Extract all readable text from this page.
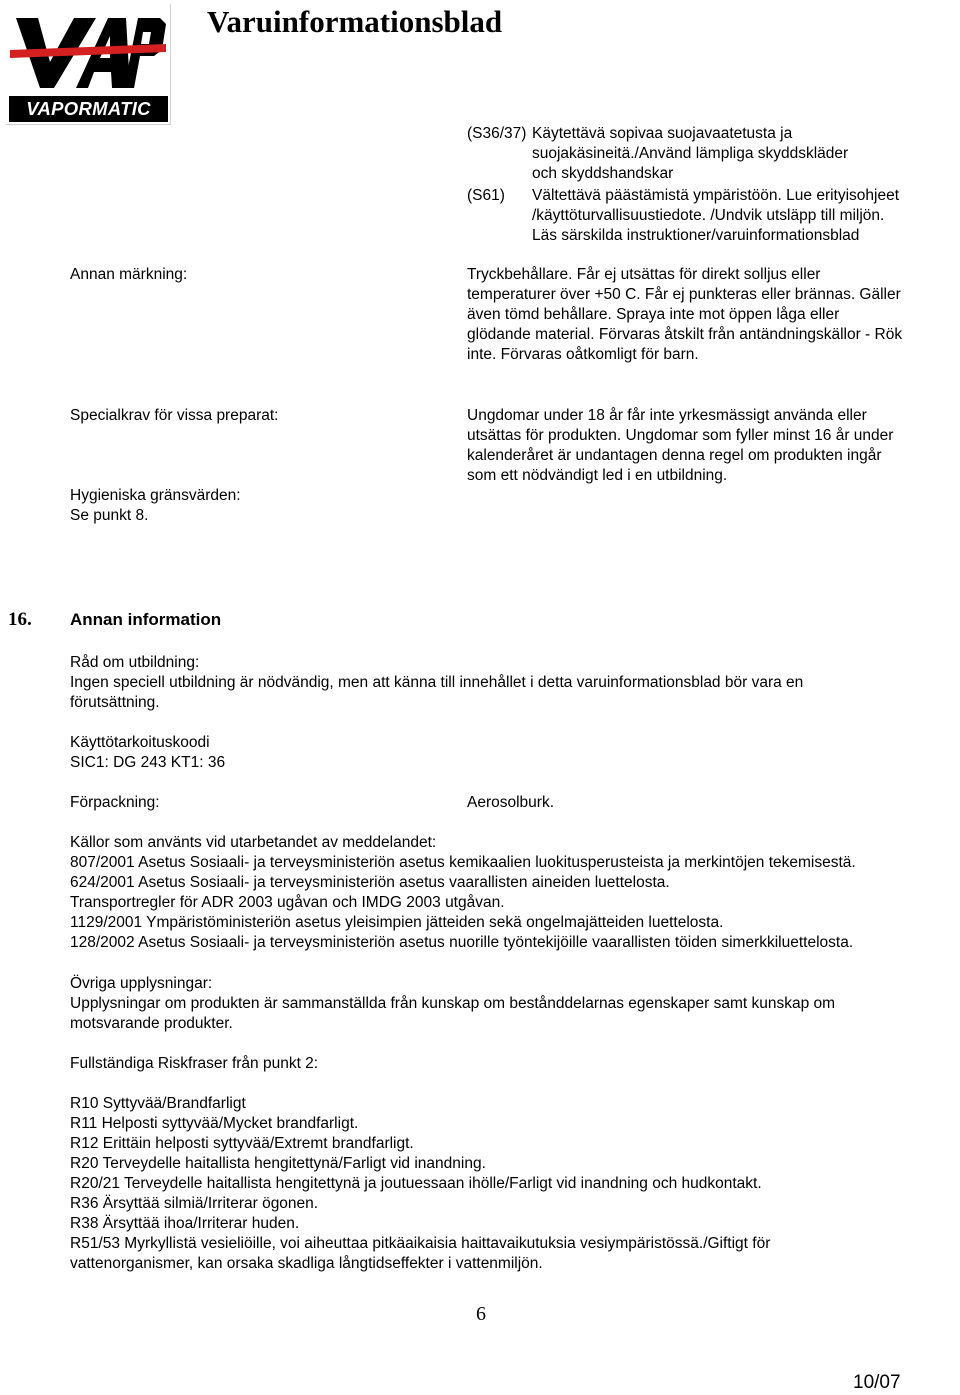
VAPORMATIC
Varuinformationsblad
(S36/37) Käytettävä sopivaa suojavaatetusta ja
suojakäsineitä./Använd lämpliga skyddskläder
och skyddshandskar
(S61) Vältettävä päästämistä ympäristöön. Lue erityisohjeet
/käyttöturvallisuustiedote. /Undvik utsläpp till miljön.
Läs särskilda instruktioner/varuinformationsblad
Annan märkning:	Tryckbehållare. Får ej utsättas för direkt solljus eller
temperaturer över +50 C. Får ej punkteras eller brännas. Gäller
även tömd behållare. Spraya inte mot öppen låga eller
glödande material. Förvaras åtskilt från antändningskällor - Rök
inte. Förvaras oåtkomligt för barn.
Specialkrav för vissa preparat:	Ungdomar under 18 år får inte yrkesmässigt använda eller
utsättas för produkten. Ungdomar som fyller minst 16 år under
kalenderåret är undantagen denna regel om produkten ingår
som ett nödvändigt led i en utbildning.
Hygieniska gränsvärden:
Se punkt 8.
16. Annan information
Råd om utbildning:
Ingen speciell utbildning är nödvändig, men att känna till innehållet i detta varuinformationsblad bör vara en
förutsättning.
Käyttötarkoituskoodi
SIC1: DG 243 KT1: 36
Förpackning:	Aerosolburk.
Källor som använts vid utarbetandet av meddelandet:
807/2001 Asetus Sosiaali- ja terveysministeriön asetus kemikaalien luokitusperusteista ja merkintöjen tekemisestä.
624/2001 Asetus Sosiaali- ja terveysministeriön asetus vaarallisten aineiden luettelosta.
Transportregler för ADR 2003 ugåvan och IMDG 2003 utgåvan.
1129/2001 Ympäristöministeriön asetus yleisimpien jätteiden sekä ongelmajätteiden luettelosta.
128/2002 Asetus Sosiaali- ja terveysministeriön asetus nuorille työntekijöille vaarallisten töiden simerkkiluettelosta.
Övriga upplysningar:
Upplysningar om produkten är sammanställda från kunskap om bestånddelarnas egenskaper samt kunskap om
motsvarande produkter.
Fullständiga Riskfraser från punkt 2:
R10 Syttyvää/Brandfarligt
R11 Helposti syttyvää/Mycket brandfarligt.
R12 Erittäin helposti syttyvää/Extremt brandfarligt.
R20 Terveydelle haitallista hengitettynä/Farligt vid inandning.
R20/21 Terveydelle haitallista hengitettynä ja joutuessaan ihölle/Farligt vid inandning och hudkontakt.
R36 Ärsyttää silmiä/Irriterar ögonen.
R38 Ärsyttää ihoa/Irriterar huden.
R51/53 Myrkyllistä vesieliöille, voi aiheuttaa pitkäaikaisia haittavaikutuksia vesiympäristössä./Giftigt för
vattenorganismer, kan orsaka skadliga långtidseffekter i vattenmiljön.
6
10/07
